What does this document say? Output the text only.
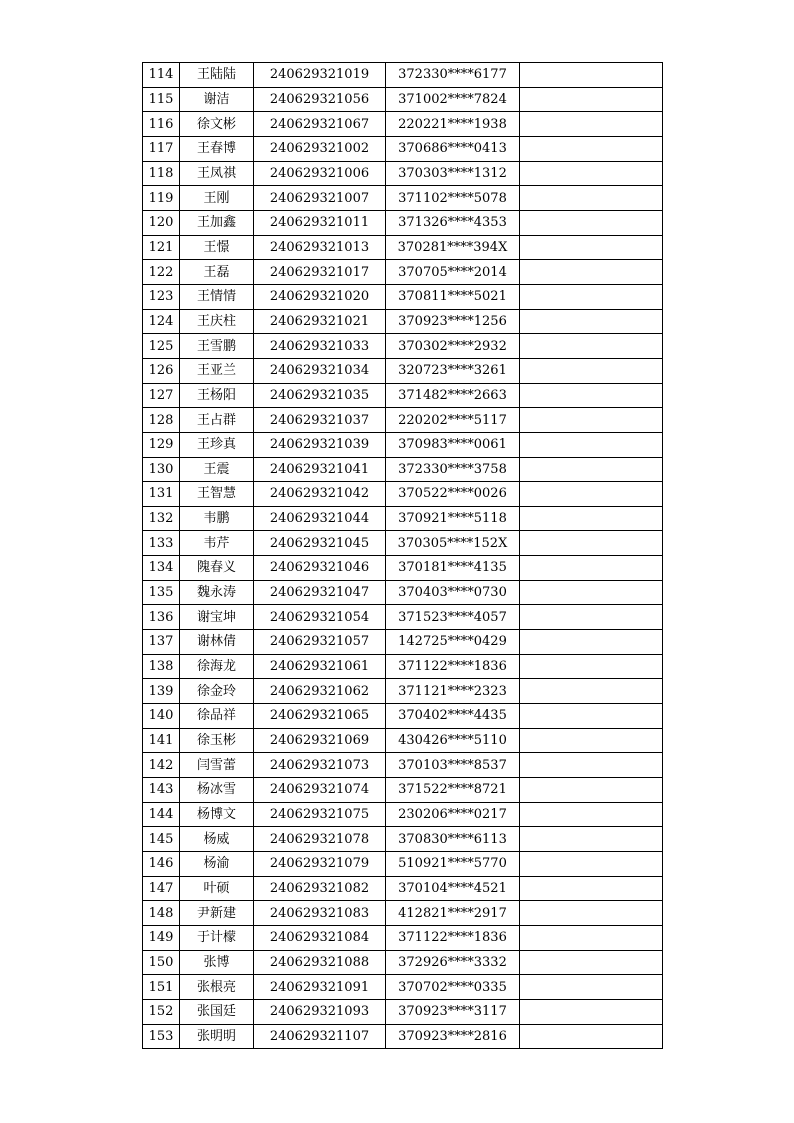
114	王陆陆	240629321019	372330****6177	
115	谢洁	240629321056	371002****7824	
116	徐文彬	240629321067	220221****1938	
117	王春博	240629321002	370686****0413	
118	王凤祺	240629321006	370303****1312	
119	王刚	240629321007	371102****5078	
120	王加鑫	240629321011	371326****4353	
121	王憬	240629321013	370281****394X	
122	王磊	240629321017	370705****2014	
123	王情情	240629321020	370811****5021	
124	王庆柱	240629321021	370923****1256	
125	王雪鹏	240629321033	370302****2932	
126	王亚兰	240629321034	320723****3261	
127	王杨阳	240629321035	371482****2663	
128	王占群	240629321037	220202****5117	
129	王珍真	240629321039	370983****0061	
130	王震	240629321041	372330****3758	
131	王智慧	240629321042	370522****0026	
132	韦鹏	240629321044	370921****5118	
133	韦芹	240629321045	370305****152X	
134	隗春义	240629321046	370181****4135	
135	魏永涛	240629321047	370403****0730	
136	谢宝坤	240629321054	371523****4057	
137	谢林倩	240629321057	142725****0429	
138	徐海龙	240629321061	371122****1836	
139	徐金玲	240629321062	371121****2323	
140	徐品祥	240629321065	370402****4435	
141	徐玉彬	240629321069	430426****5110	
142	闫雪蕾	240629321073	370103****8537	
143	杨冰雪	240629321074	371522****8721	
144	杨博文	240629321075	230206****0217	
145	杨威	240629321078	370830****6113	
146	杨渝	240629321079	510921****5770	
147	叶硕	240629321082	370104****4521	
148	尹新建	240629321083	412821****2917	
149	于计檬	240629321084	371122****1836	
150	张博	240629321088	372926****3332	
151	张根亮	240629321091	370702****0335	
152	张国廷	240629321093	370923****3117	
153	张明明	240629321107	370923****2816	
